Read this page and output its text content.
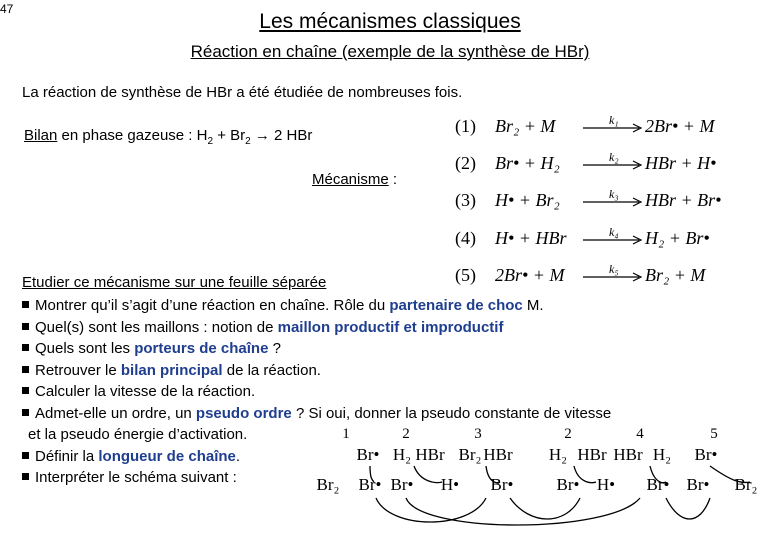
47
Les mécanismes classiques
Réaction en chaîne (exemple de la synthèse de HBr)
La réaction de synthèse de HBr a été étudiée de nombreuses fois.
Bilan en phase gazeuse : $H_2 + Br_2 \to 2$ HBr
Mécanisme :
(1) Br₂ + M	k₁ 2Br• + M
(2) Br• + H₂	k₂ HBr + H•
(3) H• + Br₂	k₃ HBr + Br•
(4) H• + HBr	k₄ H₂ + Br•
(5) 2Br• + M	k₅ Br₂ + M
Etudier ce mécanisme sur une feuille séparée
Montrer qu’il s’agit d’une réaction en chaîne. Rôle du partenaire de choc M.
Quel(s) sont les maillons : notion de maillon productif et improductif
Quels sont les porteurs de chaîne ?
Retrouver le bilan principal de la réaction.
Calculer la vitesse de la réaction.
Admet-elle un ordre, un pseudo ordre ? Si oui, donner la pseudo constante de vitesse
et la pseudo énergie d’activation.
Définir la longueur de chaîne.
Interpréter le schéma suivant :
1	2	3	2	4	5
Br• H₂ HBr Br₂ HBr H₂ HBr HBr H₂ Br•
Br₂ Br• Br• H• Br•	Br• H• Br• Br• Br₂
